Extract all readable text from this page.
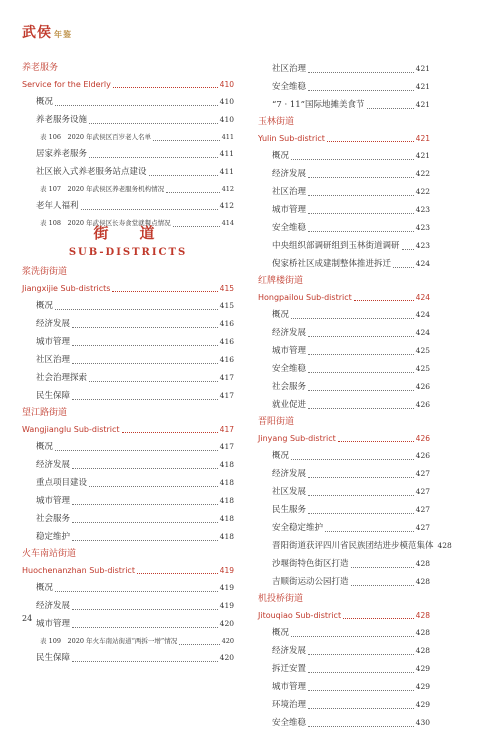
武侯 年鉴
养老服务
Service for the Elderly	410
概况	410
养老服务设施	410
表 106　2020 年武侯区百岁老人名单	411
居家养老服务	411
社区嵌入式养老服务站点建设	411
表 107　2020 年武侯区养老服务机构情况	412
老年人福利	412
表 108　2020 年武侯区长寿食堂就餐点情况	414
街　道
SUB-DISTRICTS
浆洗街街道
Jiangxijie Sub-districts	415
概况	415
经济发展	416
城市管理	416
社区治理	416
社会治理探索	417
民生保障	417
望江路街道
Wangjianglu Sub-district	417
概况	417
经济发展	418
重点项目建设	418
城市管理	418
社会服务	418
稳定维护	418
火车南站街道
Huochenanzhan Sub-district	419
概况	419
经济发展	419
城市管理	420
表 109　2020 年火车南站街道“两拆一增”情况	420
民生保障	420
社区治理	421
安全维稳	421
“7 · 11”国际地摊美食节	421
玉林街道
Yulin Sub-district	421
概况	421
经济发展	422
社区治理	422
城市管理	423
安全维稳	423
中央组织部调研组到玉林街道调研 423
倪家桥社区成建制整体推进拆迁	424
红牌楼街道
Hongpailou Sub-district	424
概况	424
经济发展	424
城市管理	425
安全维稳	425
社会服务	426
就业促进	426
晋阳街道
Jinyang Sub-district	426
概况	426
经济发展	427
社区发展	427
民生服务	427
安全稳定维护	427
晋阳街道获评四川省民族团结进步模范集体 428
沙堰街特色街区打造	428
吉顺街运动公园打造	428
机投桥街道
Jitouqiao Sub-district	428
概况	428
经济发展	428
拆迁安置	429
城市管理	429
环境治理	429
安全维稳	430
24
